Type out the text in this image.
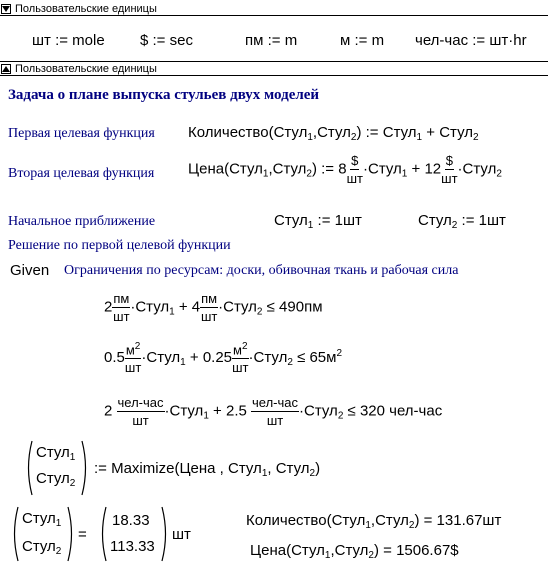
Пользовательские единицы
шт := mole $ := sec	пм := m	м := m чел-час := шт·hr
Пользовательские единицы
Задача о плане выпуска стульев двух моделей
Первая целевая функция Количество(Стул$_1$,Стул$_2$) := Стул$_1$ + Стул$_2$
Вторая целевая функция Цена(Стул$_1$,Стул$_2$) := $8 \frac{\$}{шт}$ ·Стул$_1$ + $12 \frac{\$}{шт}$ ·Стул$_2$
Начальное приближение	Стул$_1$ := 1шт	Стул$_2$ := 1шт
Решение по первой целевой функции
Given Ограничения по ресурсам: доски, обивочная ткань и рабочая сила
$2 \frac{пм}{шт}$ ·Стул$_1$ + $4 \frac{пм}{шт}$ ·Стул$_2$ ≤ 490пм
$0.5 \frac{м^2}{шт}$ ·Стул$_1$ + $0.25 \frac{м^2}{шт}$ ·Стул$_2$ ≤ $65м^2$
$2 \frac{\text{чел-час}}{шт}$ ·Стул$_1$ + $2.5 \frac{\text{чел-час}}{шт}$ ·Стул$_2$ ≤ 320 чел-час
Стул$_1$
Стул$_2$
:= Maximize(Цена , Стул$_1$, Стул$_2$)
Стул$_1$
Стул$_2$
=
18.33
113.33
шт
Количество(Стул$_1$,Стул$_2$) = 131.67шт
Цена(Стул$_1$,Стул$_2$) = 1506.67$
